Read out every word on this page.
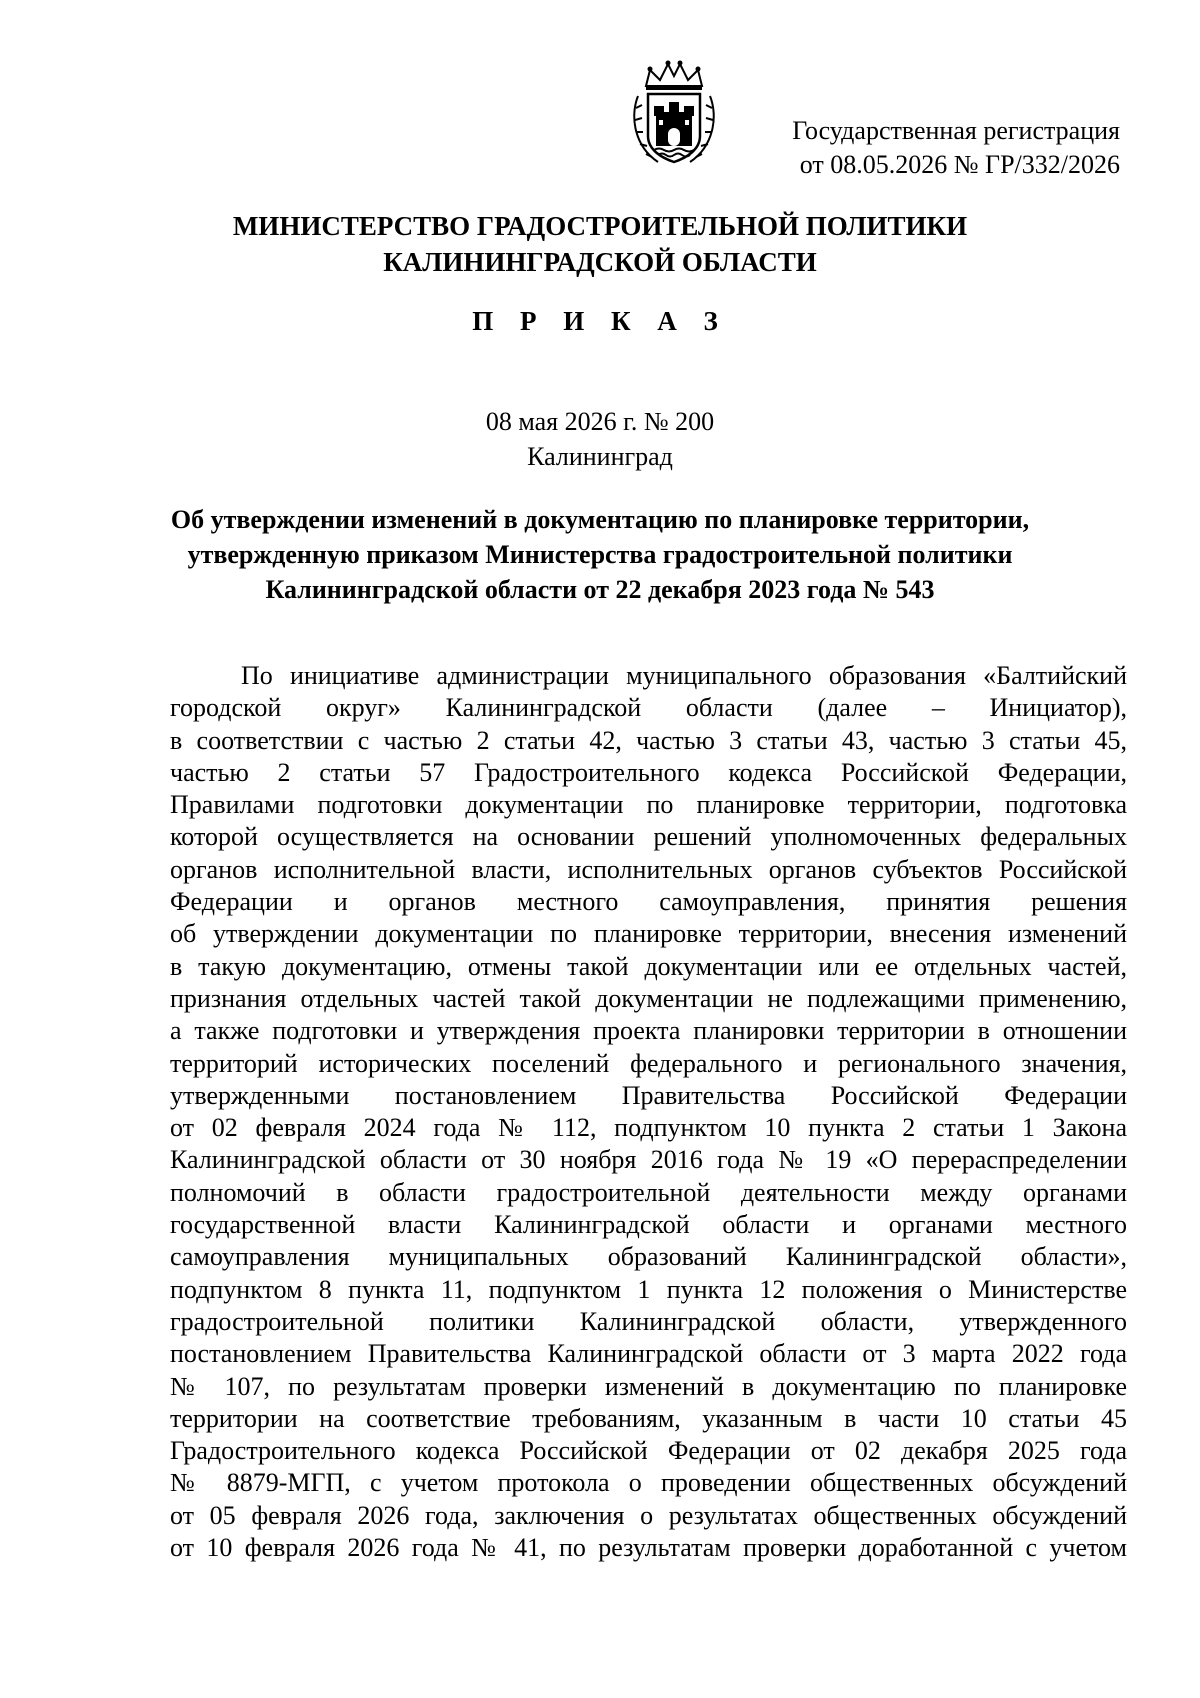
Государственная регистрация
от 08.05.2026 № ГР/332/2026
МИНИСТЕРСТВО ГРАДОСТРОИТЕЛЬНОЙ ПОЛИТИКИ
КАЛИНИНГРАДСКОЙ ОБЛАСТИ
П Р И К А З
08 мая 2026 г. № 200
Калининград
Об утверждении изменений в документацию по планировке территории,
утвержденную приказом Министерства градостроительной политики
Калининградской области от 22 декабря 2023 года № 543
По инициативе администрации муниципального образования «Балтийский
городской округ» Калининградской области (далее – Инициатор),
в соответствии с частью 2 статьи 42, частью 3 статьи 43, частью 3 статьи 45,
частью 2 статьи 57 Градостроительного кодекса Российской Федерации,
Правилами подготовки документации по планировке территории, подготовка
которой осуществляется на основании решений уполномоченных федеральных
органов исполнительной власти, исполнительных органов субъектов Российской
Федерации и органов местного самоуправления, принятия решения
об утверждении документации по планировке территории, внесения изменений
в такую документацию, отмены такой документации или ее отдельных частей,
признания отдельных частей такой документации не подлежащими применению,
а также подготовки и утверждения проекта планировки территории в отношении
территорий исторических поселений федерального и регионального значения,
утвержденными постановлением Правительства Российской Федерации
от 02 февраля 2024 года № 112, подпунктом 10 пункта 2 статьи 1 Закона
Калининградской области от 30 ноября 2016 года № 19 «О перераспределении
полномочий в области градостроительной деятельности между органами
государственной власти Калининградской области и органами местного
самоуправления муниципальных образований Калининградской области»,
подпунктом 8 пункта 11, подпунктом 1 пункта 12 положения о Министерстве
градостроительной политики Калининградской области, утвержденного
постановлением Правительства Калининградской области от 3 марта 2022 года
№ 107, по результатам проверки изменений в документацию по планировке
территории на соответствие требованиям, указанным в части 10 статьи 45
Градостроительного кодекса Российской Федерации от 02 декабря 2025 года
№ 8879-МГП, с учетом протокола о проведении общественных обсуждений
от 05 февраля 2026 года, заключения о результатах общественных обсуждений
от 10 февраля 2026 года № 41, по результатам проверки доработанной с учетом
